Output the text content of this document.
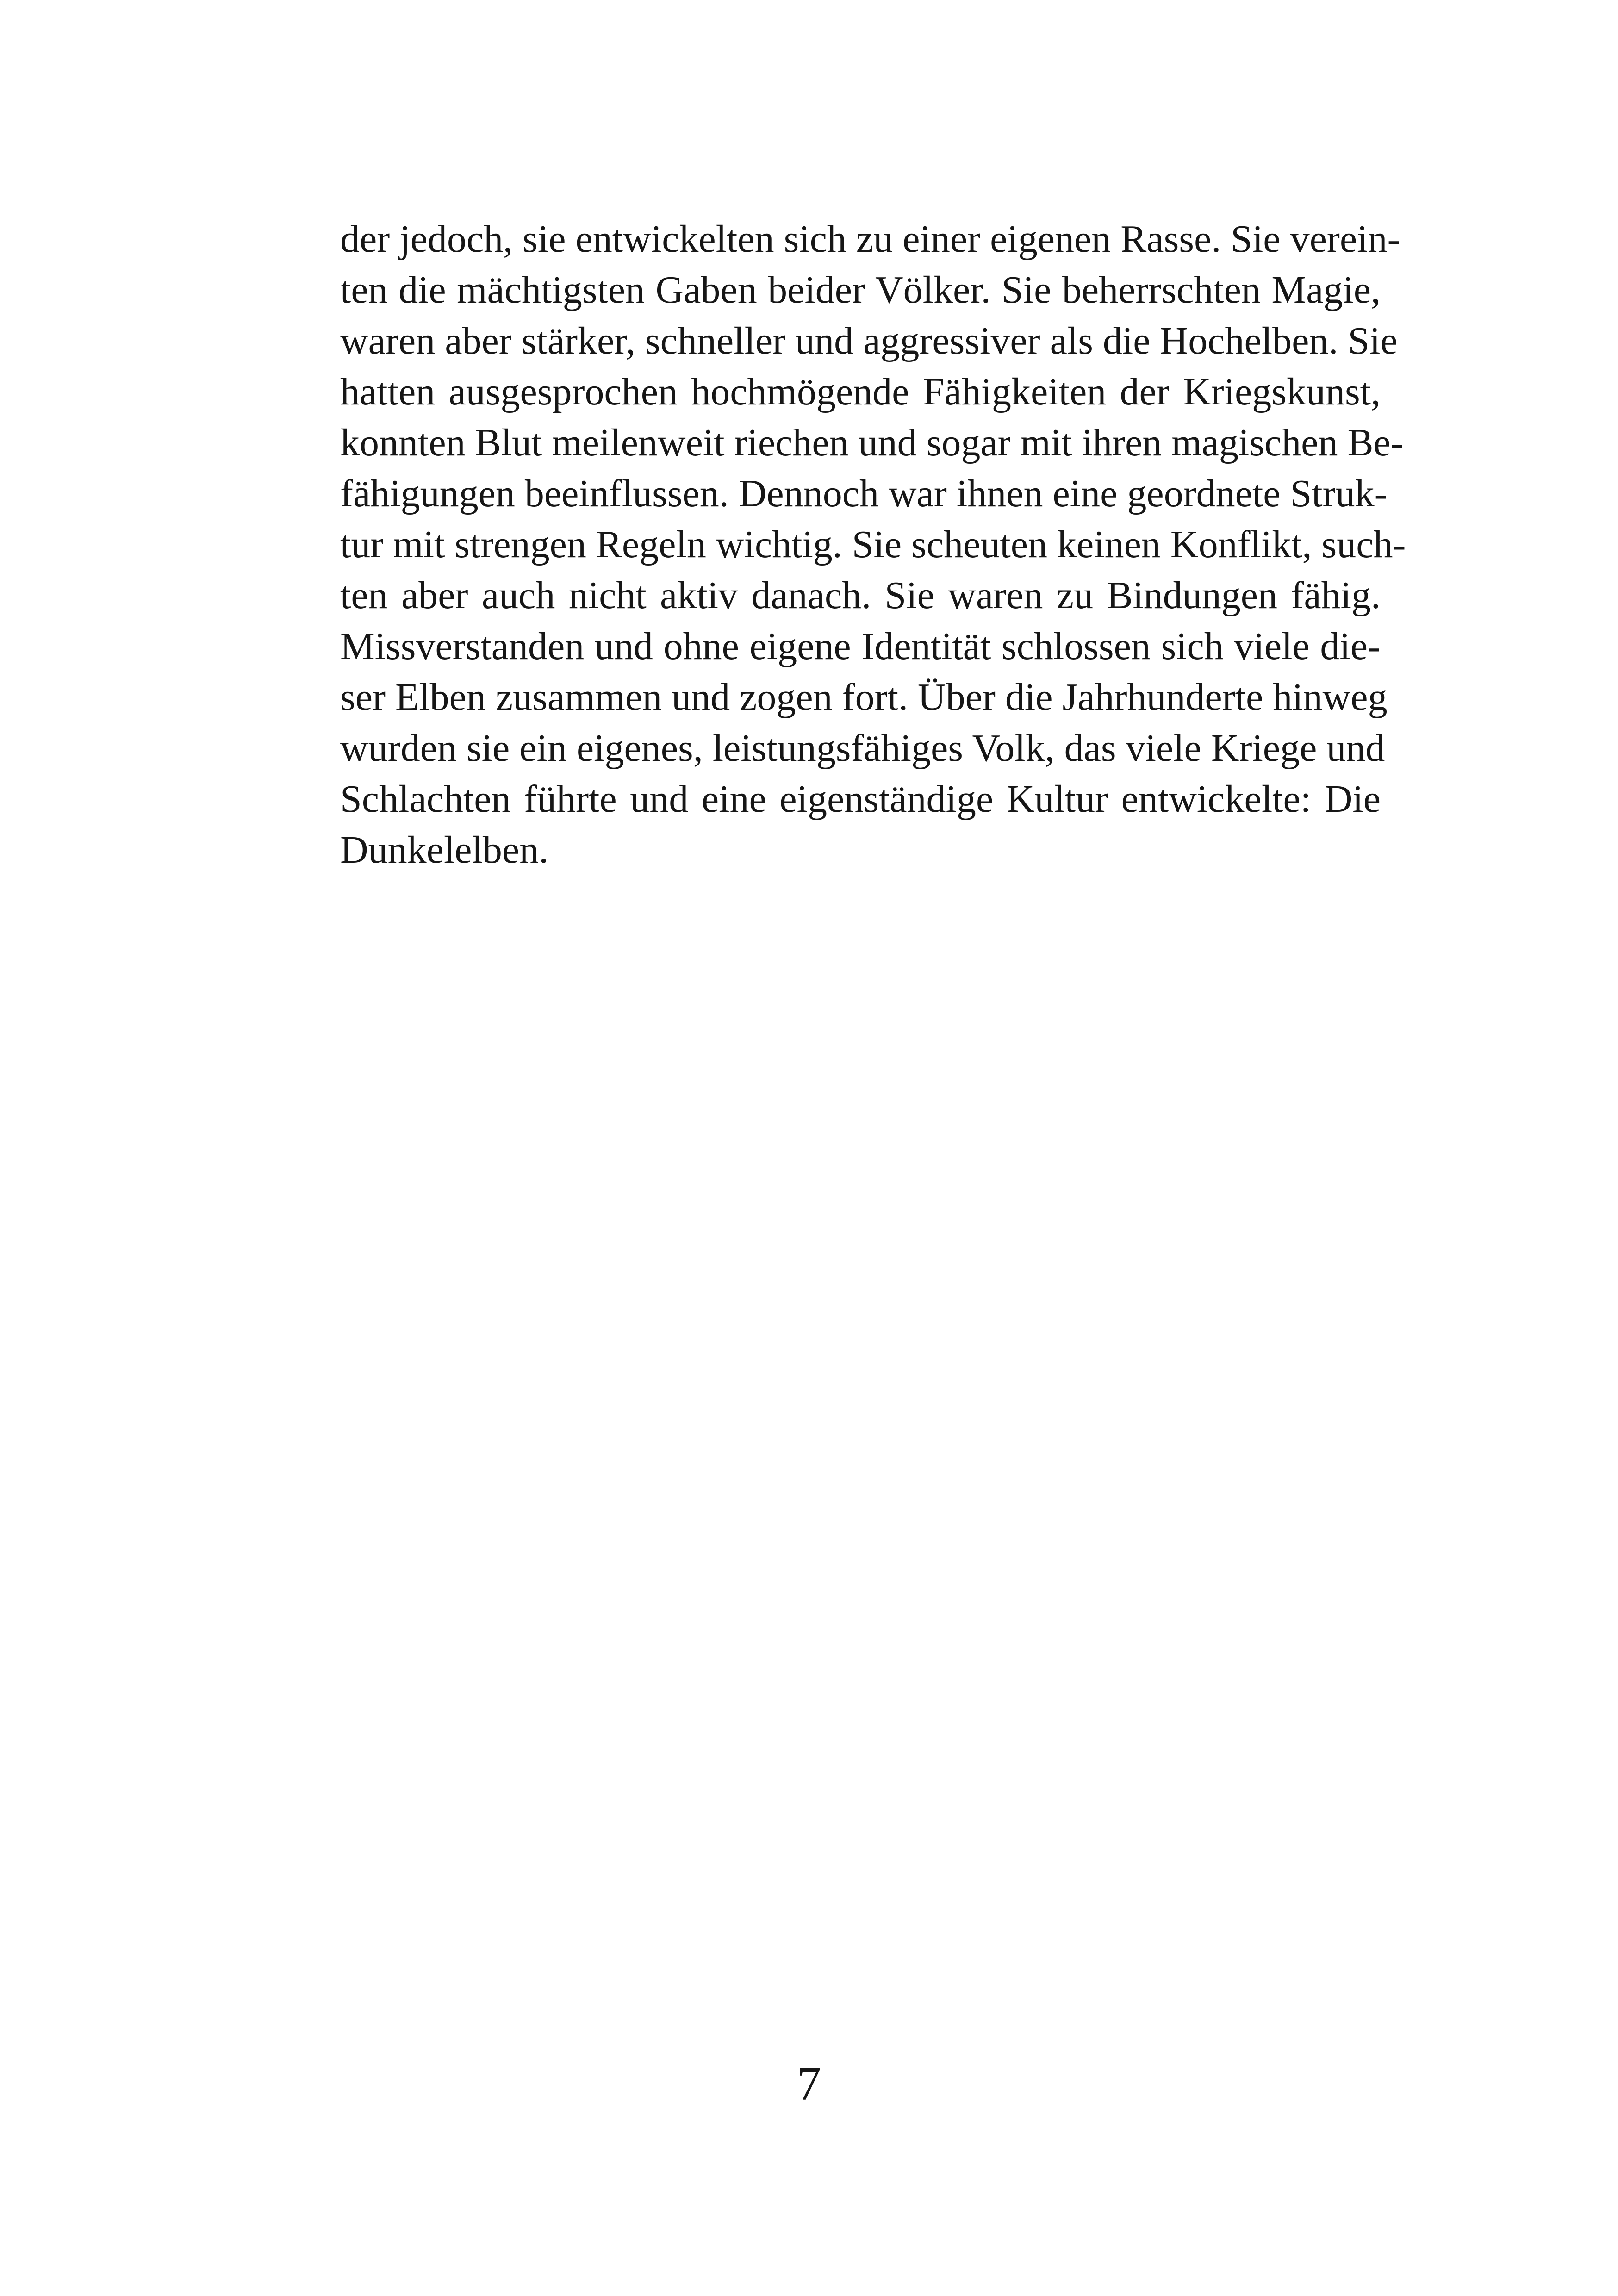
der jedoch, sie entwickelten sich zu einer eigenen Rasse. Sie verein-
ten die mächtigsten Gaben beider Völker. Sie beherrschten Magie,
waren aber stärker, schneller und aggressiver als die Hochelben. Sie
hatten ausgesprochen hochmögende Fähigkeiten der Kriegskunst,
konnten Blut meilenweit riechen und sogar mit ihren magischen Be-
fähigungen beeinflussen. Dennoch war ihnen eine geordnete Struk-
tur mit strengen Regeln wichtig. Sie scheuten keinen Konflikt, such-
ten aber auch nicht aktiv danach. Sie waren zu Bindungen fähig.
Missverstanden und ohne eigene Identität schlossen sich viele die-
ser Elben zusammen und zogen fort. Über die Jahrhunderte hinweg
wurden sie ein eigenes, leistungsfähiges Volk, das viele Kriege und
Schlachten führte und eine eigenständige Kultur entwickelte: Die
Dunkelelben.
7
